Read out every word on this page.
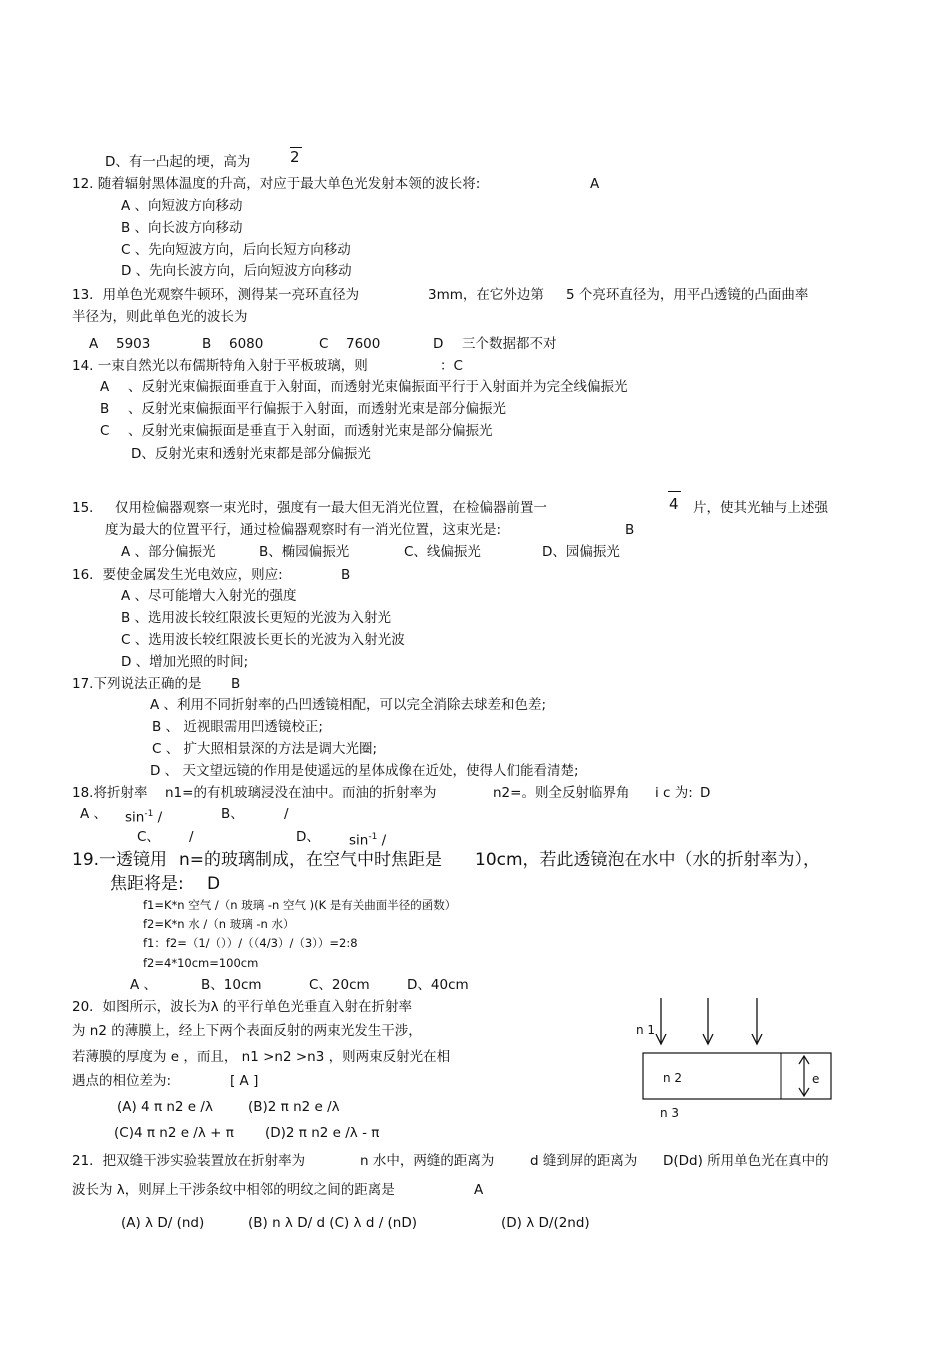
D、有一凸起的埂，高为	2
12. 随着辐射黑体温度的升高，对应于最大单色光发射本领的波长将:	A
A 、向短波方向移动
B 、向长波方向移动
C 、先向短波方向，后向长短方向移动
D 、先向长波方向，后向短波方向移动
13．用单色光观察牛顿环，测得某一亮环直径为	3mm，在它外边第 5 个亮环直径为，用平凸透镜的凸面曲率
半径为，则此单色光的波长为
A 5903	B 6080	C 7600	D 三个数据都不对
14. 一束自然光以布儒斯特角入射于平板玻璃，则	：C
A 、反射光束偏振面垂直于入射面，而透射光束偏振面平行于入射面并为完全线偏振光
B 、反射光束偏振面平行偏振于入射面，而透射光束是部分偏振光
C 、反射光束偏振面是垂直于入射面，而透射光束是部分偏振光
D、反射光束和透射光束都是部分偏振光
4
15． 仅用检偏器观察一束光时，强度有一最大但无消光位置，在检偏器前置一	片，使其光轴与上述强
度为最大的位置平行，通过检偏器观察时有一消光位置，这束光是:	B
A 、部分偏振光	B、椭园偏振光	C、线偏振光	D、园偏振光
16．要使金属发生光电效应，则应:	B
A 、尽可能增大入射光的强度
B 、选用波长较红限波长更短的光波为入射光
C 、选用波长较红限波长更长的光波为入射光波
D 、增加光照的时间;
17.下列说法正确的是 B
A 、利用不同折射率的凸凹透镜相配，可以完全消除去球差和色差;
B 、 近视眼需用凹透镜校正;
C 、 扩大照相景深的方法是调大光圈;
D 、 天文望远镜的作用是使遥远的星体成像在近处，使得人们能看清楚;
18.将折射率 n1=的有机玻璃浸没在油中。而油的折射率为	n2=。则全反射临界角 i c 为: D
A 、 $\sin^{-1}$ /	B、	/
C、 /	D、 $\sin^{-1}$ /
19.一透镜用 n=的玻璃制成，在空气中时焦距是 10cm，若此透镜泡在水中（水的折射率为），
焦距将是: D
f1=K*n 空气 /（n 玻璃 -n 空气 )(K 是有关曲面半径的函数）
f2=K*n 水 /（n 玻璃 -n 水）
f1：f2=（1/（））/（（4/3）/（3））=2:8
f2=4*10cm=100cm
A 、	B、10cm	C、20cm	D、40cm
20．如图所示，波长为λ 的平行单色光垂直入射在折射率
为 n2 的薄膜上，经上下两个表面反射的两束光发生干涉，
若薄膜的厚度为 e ，而且， n1 >n2 >n3 ，则两束反射光在相
遇点的相位差为:	[ A ]
(A) 4 π n2 e /λ	(B)2 π n2 e /λ
(C)4 π n2 e /λ + π (D)2 π n2 e /λ - π
n 1
n 2
n 3
e
21．把双缝干涉实验装置放在折射率为	n 水中，两缝的距离为	d 缝到屏的距离为 D(Dd) 所用单色光在真中的
波长为 λ，则屏上干涉条纹中相邻的明纹之间的距离是	A
(A) λ D/ (nd)	(B) n λ D/ d (C) λ d / (nD)	(D) λ D/(2nd)
